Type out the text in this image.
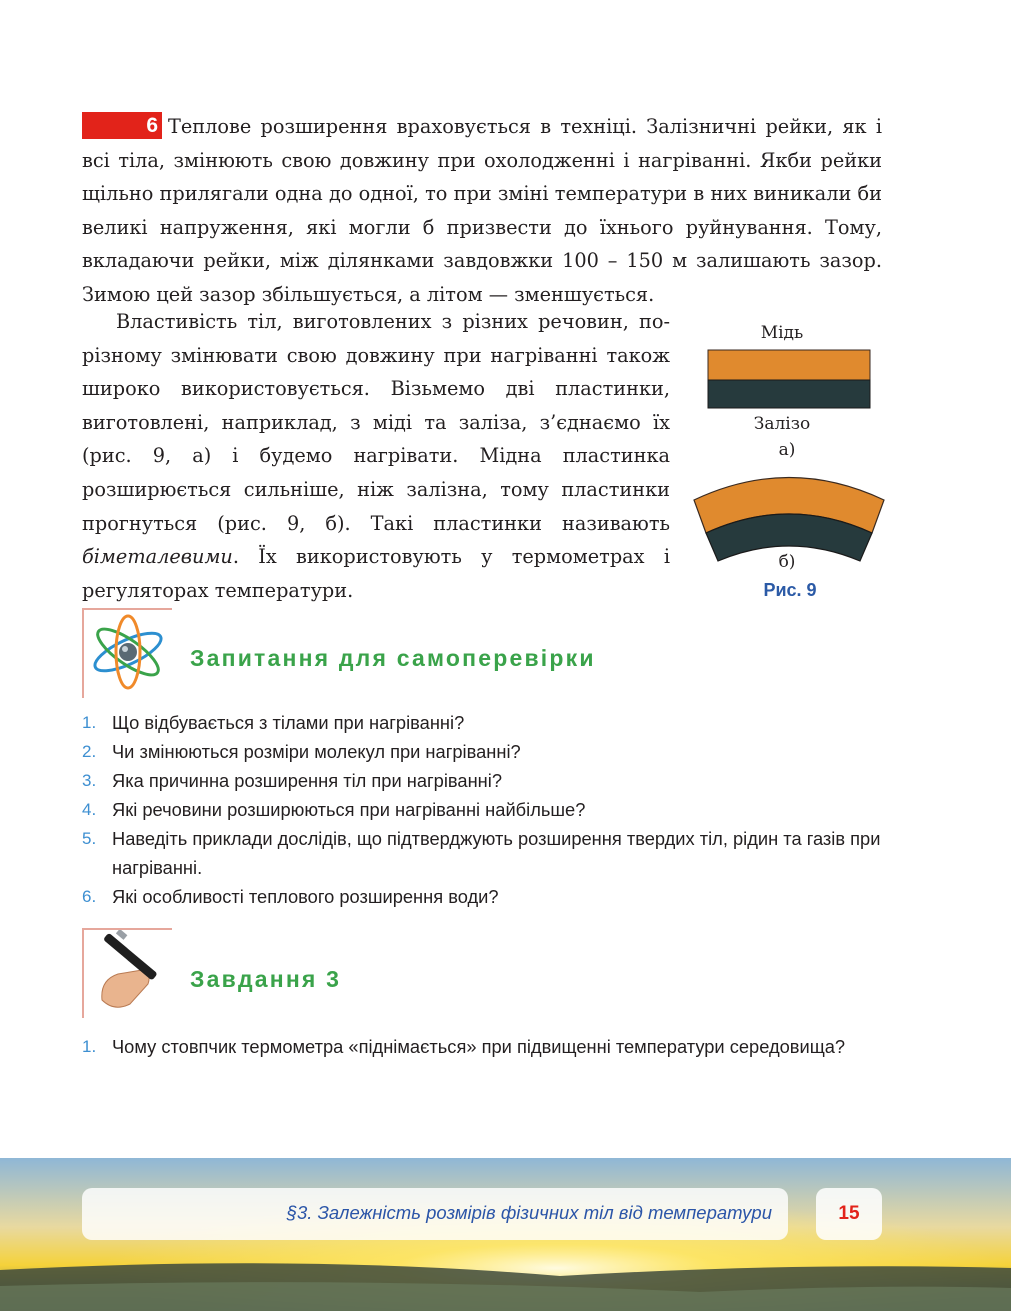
6 Теплове розширення враховується в техніці. Залізничні рейки, як і всі тіла, змінюють свою довжину при охолодженні і нагріванні. Якби рейки щільно прилягали одна до одної, то при зміні температури в них виникали би великі напруження, які могли б призвести до їхнього руйнування. Тому, вкладаючи рейки, між ділянками завдовжки 100 – 150 м залишають зазор. Зимою цей зазор збільшується, а літом — зменшується.
Властивість тіл, виготовлених з різних речовин, по-різному змінювати свою довжину при нагріванні також широко використовується. Візьмемо дві пластинки, виготовлені, наприклад, з міді та заліза, з’єднаємо їх (рис. 9, а) і будемо нагрівати. Мідна пластинка розширюється сильніше, ніж залізна, тому пластинки прогнуться (рис. 9, б). Такі пластинки називають біметалевими. Їх використовують у термометрах і регуляторах температури.
Мідь
Залізо
а)
б)
Рис. 9
Запитання для самоперевірки
1. Що відбувається з тілами при нагріванні?
2. Чи змінюються розміри молекул при нагріванні?
3. Яка причинна розширення тіл при нагріванні?
4. Які речовини розширюються при нагріванні найбільше?
5. Наведіть приклади дослідів, що підтверджують розширення твердих тіл, рідин та газів при нагріванні.
6. Які особливості теплового розширення води?
Завдання 3
1. Чому стовпчик термометра «піднімається» при підвищенні температури середовища?
§3. Залежність розмірів фізичних тіл від температури	15
